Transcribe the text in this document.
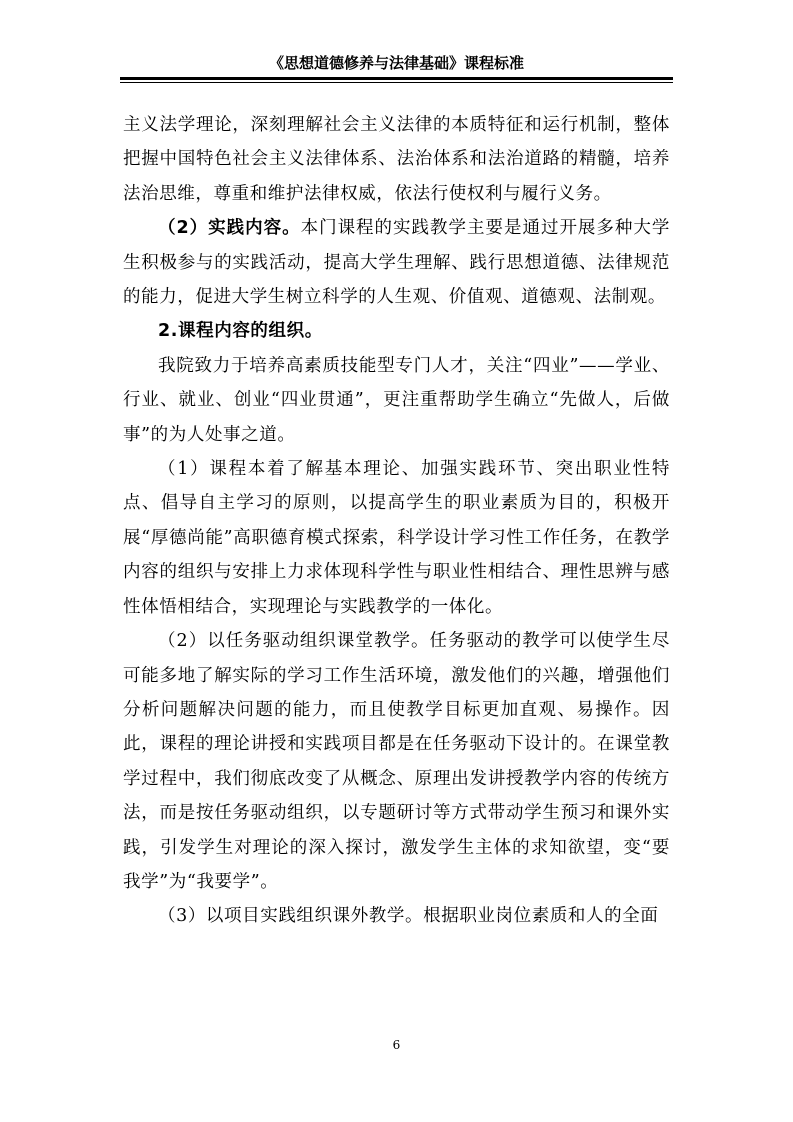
《思想道德修养与法律基础》课程标准

主义法学理论，深刻理解社会主义法律的本质特征和运行机制，整体把握中国特色社会主义法律体系、法治体系和法治道路的精髓，培养法治思维，尊重和维护法律权威，依法行使权利与履行义务。

（2）实践内容。本门课程的实践教学主要是通过开展多种大学生积极参与的实践活动，提高大学生理解、践行思想道德、法律规范的能力，促进大学生树立科学的人生观、价值观、道德观、法制观。

2.课程内容的组织。

我院致力于培养高素质技能型专门人才，关注“四业”——学业、行业、就业、创业“四业贯通”，更注重帮助学生确立“先做人，后做事”的为人处事之道。

（1）课程本着了解基本理论、加强实践环节、突出职业性特点、倡导自主学习的原则，以提高学生的职业素质为目的，积极开展“厚德尚能”高职德育模式探索，科学设计学习性工作任务，在教学内容的组织与安排上力求体现科学性与职业性相结合、理性思辨与感性体悟相结合，实现理论与实践教学的一体化。

（2）以任务驱动组织课堂教学。任务驱动的教学可以使学生尽可能多地了解实际的学习工作生活环境，激发他们的兴趣，增强他们分析问题解决问题的能力，而且使教学目标更加直观、易操作。因此，课程的理论讲授和实践项目都是在任务驱动下设计的。在课堂教学过程中，我们彻底改变了从概念、原理出发讲授教学内容的传统方法，而是按任务驱动组织，以专题研讨等方式带动学生预习和课外实践，引发学生对理论的深入探讨，激发学生主体的求知欲望，变“要我学”为“我要学”。

（3）以项目实践组织课外教学。根据职业岗位素质和人的全面

6
